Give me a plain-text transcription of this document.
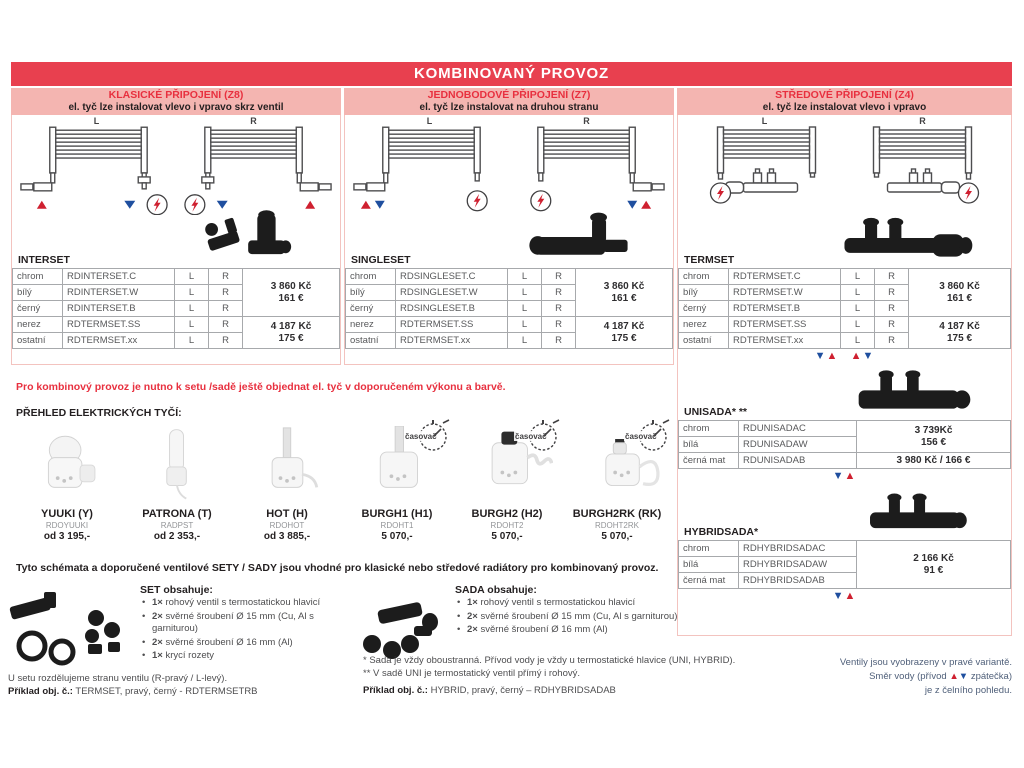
KOMBINOVANÝ PROVOZ
KLASICKÉ PŘIPOJENÍ (Z8)
el. tyč lze instalovat vlevo i vpravo skrz ventil
JEDNOBODOVÉ PŘIPOJENÍ (Z7)
el. tyč lze instalovat na druhou stranu
STŘEDOVÉ PŘIPOJENÍ (Z4)
el. tyč lze instalovat vlevo i vpravo
L	R
INTERSET
chrom	RDINTERSET.C	L	R	3 860 Kč
161 €

bílý	RDINTERSET.W	L	R	
černý	RDINTERSET.B	L	R	
nerez	RDTERMSET.SS	L	R	4 187 Kč
175 €

ostatní	RDTERMSET.xx	L	R	
L	R
SINGLESET
chrom	RDSINGLESET.C	L	R	3 860 Kč
161 €

bílý	RDSINGLESET.W	L	R	
černý	RDSINGLESET.B	L	R	
nerez	RDTERMSET.SS	L	R	4 187 Kč
175 €

ostatní	RDTERMSET.xx	L	R	
L	R
TERMSET
chrom	RDTERMSET.C	L	R	3 860 Kč
161 €

bílý	RDTERMSET.W	L	R	
černý	RDTERMSET.B	L	R	
nerez	RDTERMSET.SS	L	R	4 187 Kč
175 €

ostatní	RDTERMSET.xx	L	R	
▼▲ ▲▼
UNISADA* **
chrom	RDUNISADAC	3 739Kč
156 €

bílá	RDUNISADAW	
černá mat	RDUNISADAB	3 980 Kč / 166 €
▼▲
HYBRIDSADA*
chrom	RDHYBRIDSADAC	2 166 Kč
91 €

bílá	RDHYBRIDSADAW	
černá mat	RDHYBRIDSADAB	
▼▲
Pro kombinový provoz je nutno k setu /sadě ještě objednat el. tyč v doporučeném výkonu a barvě.
PŘEHLED ELEKTRICKÝCH TYČÍ:
YUUKI (Y)
RDOYUUKI
od 3 195,-
PATRONA (T)
RADPST
od 2 353,-
HOT (H)
RDOHOT
od 3 885,-
časovač
BURGH1 (H1)
RDOHT1
5 070,-
časovač
BURGH2 (H2)
RDOHT2
5 070,-
časovač
BURGH2RK (RK)
RDOHT2RK
5 070,-
Tyto schémata a doporučené ventilové SETY / SADY jsou vhodné pro klasické nebo středové radiátory pro kombinovaný provoz.
SET obsahuje:
• 1× rohový ventil s termostatickou hlavicí
• 2× svěrné šroubení Ø 15 mm (Cu, Al s garniturou)
• 2× svěrné šroubení Ø 16 mm (Al)
• 1× krycí rozety
SADA obsahuje:
• 1× rohový ventil s termostatickou hlavicí
• 2× svěrné šroubení Ø 15 mm (Cu, Al s garniturou)
• 2× svěrné šroubení Ø 16 mm (Al)
* Sada je vždy oboustranná. Přívod vody je vždy u termostatické hlavice (UNI, HYBRID).
** V sadě UNI je termostatický ventil přímý i rohový.
Příklad obj. č.: HYBRID, pravý, černý – RDHYBRIDSADAB
U setu rozdělujeme stranu ventilu (R-pravý / L-levý).
Příklad obj. č.: TERMSET, pravý, černý - RDTERMSETRB
Ventily jsou vyobrazeny v pravé variantě.
Směr vody (přívod ▲▼ zpátečka)
je z čelního pohledu.
